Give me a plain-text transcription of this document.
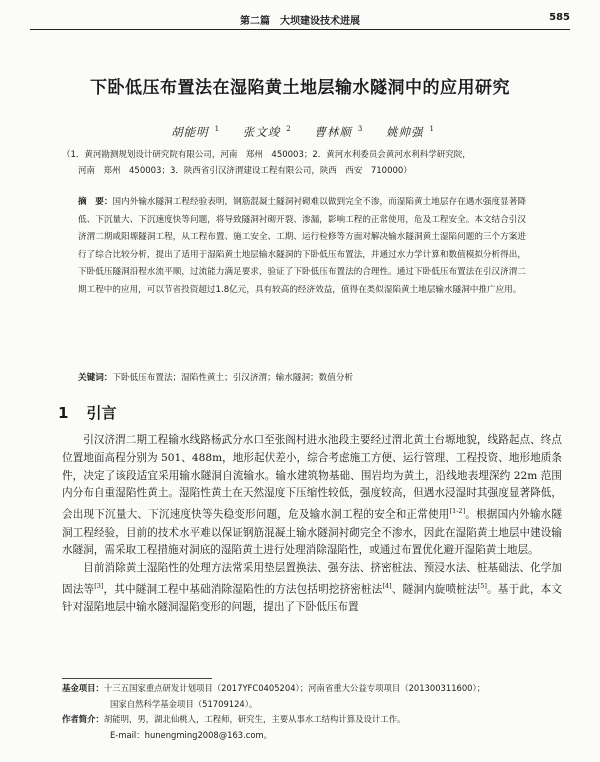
第二篇　大坝建设技术进展	585
下卧低压布置法在湿陷黄土地层输水隧洞中的应用研究
胡能明 $^1$ 张文竣 $^2$ 曹林顺 $^3$ 姚帅强 $^1$
（1．黄河勘测规划设计研究院有限公司，河南　郑州　450003；2．黄河水利委员会黄河水利科学研究院，
河南　郑州　450003；3．陕西省引汉济渭建设工程有限公司，陕西　西安　710000）
摘　要：国内外输水隧洞工程经验表明，钢筋混凝土隧洞衬砌难以做到完全不渗，而湿陷黄土地层存在遇水强度显著降低、下沉量大、下沉速度快等问题，将导致隧洞衬砌开裂、渗漏，影响工程的正常使用，危及工程安全。本文结合引汉济渭二期咸阳塬隧洞工程，从工程布置、施工安全、工期、运行检修等方面对解决输水隧洞黄土湿陷问题的三个方案进行了综合比较分析，提出了适用于湿陷黄土地层输水隧洞的下卧低压布置法，并通过水力学计算和数值模拟分析得出，下卧低压隧洞沿程水流平顺，过流能力满足要求，验证了下卧低压布置法的合理性。通过下卧低压布置法在引汉济渭二期工程中的应用，可以节省投资超过1.8亿元，具有较高的经济效益，值得在类似湿陷黄土地层输水隧洞中推广应用。
关键词：下卧低压布置法；湿陷性黄土；引汉济渭；输水隧洞；数值分析
1 引言

引汉济渭二期工程输水线路杨武分水口至张阁村进水池段主要经过渭北黄土台塬地貌，线路起点、终点位置地面高程分别为 501、488m，地形起伏差小，综合考虑施工方便、运行管理、工程投资、地形地质条件，决定了该段适宜采用输水隧洞自流输水。输水建筑物基础、围岩均为黄土，沿线地表埋深约 22m 范围内分布自重湿陷性黄土。湿陷性黄土在天然湿度下压缩性较低，强度较高，但遇水浸湿时其强度显著降低，会出现下沉量大、下沉速度快等失稳变形问题，危及输水洞工程的安全和正常使用[1-2]。根据国内外输水隧洞工程经验，目前的技术水平难以保证钢筋混凝土输水隧洞衬砌完全不渗水，因此在湿陷黄土地层中建设输水隧洞，需采取工程措施对洞底的湿陷黄土进行处理消除湿陷性，或通过布置优化避开湿陷黄土地层。

目前消除黄土湿陷性的处理方法常采用垫层置换法、强夯法、挤密桩法、预浸水法、桩基础法、化学加固法等[3]，其中隧洞工程中基础消除湿陷性的方法包括明挖挤密桩法[4]、隧洞内旋喷桩法[5]。基于此，本文针对湿陷地层中输水隧洞湿陷变形的问题，提出了下卧低压布置

基金项目：十三五国家重点研发计划项目（2017YFC0405204）；河南省重大公益专项项目（201300311600）；
国家自然科学基金项目（51709124）。
作者简介：胡能明，男，湖北仙桃人，工程师，研究生，主要从事水工结构计算及设计工作。
E-mail：hunengming2008@163.com。
